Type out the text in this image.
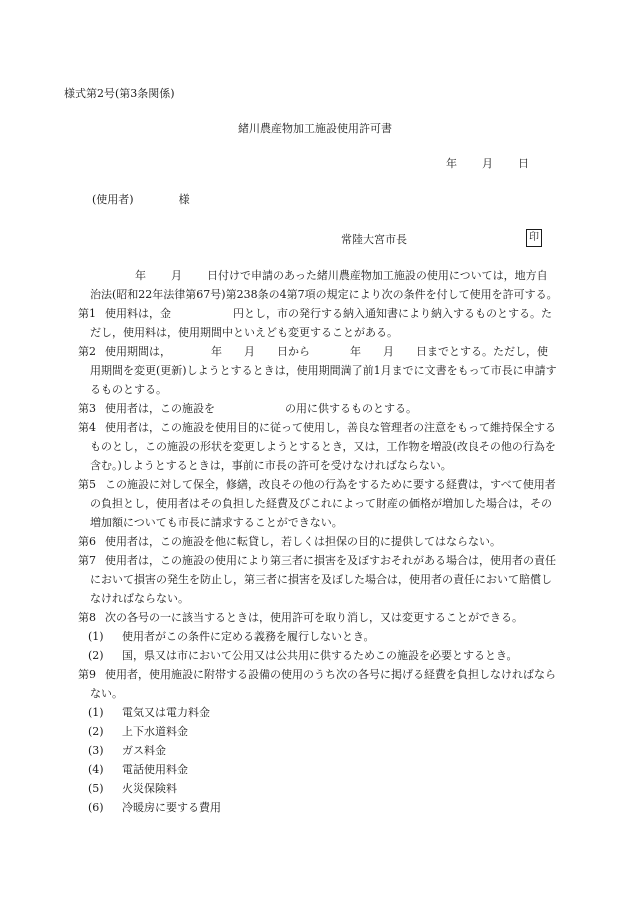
様式第2号(第3条関係)
緒川農産物加工施設使用許可書
年 月 日
(使用者)	様
常陸大宮市長	印

年 月 日付けで申請のあった緒川農産物加工施設の使用については，地方自治法(昭和22年法律第67号)第238条の4第7項の規定により次の条件を付して使用を許可する。

第1 使用料は，金	円とし，市の発行する納入通知書により納入するものとする。ただし，使用料は，使用期間中といえども変更することがある。

第2 使用期間は，	年 月 日から	年 月 日までとする。ただし，使用期間を変更(更新)しようとするときは，使用期間満了前1月までに文書をもって市長に申請するものとする。

第3 使用者は，この施設を	の用に供するものとする。

第4 使用者は，この施設を使用目的に従って使用し，善良な管理者の注意をもって維持保全するものとし，この施設の形状を変更しようとするとき，又は，工作物を増設(改良その他の行為を含む。)しようとするときは，事前に市長の許可を受けなければならない。

第5 この施設に対して保全，修繕，改良その他の行為をするために要する経費は，すべて使用者の負担とし，使用者はその負担した経費及びこれによって財産の価格が増加した場合は，その増加額についても市長に請求することができない。

第6 使用者は，この施設を他に転貸し，若しくは担保の目的に提供してはならない。

第7 使用者は，この施設の使用により第三者に損害を及ぼすおそれがある場合は，使用者の責任において損害の発生を防止し，第三者に損害を及ぼした場合は，使用者の責任において賠償しなければならない。

第8 次の各号の一に該当するときは，使用許可を取り消し，又は変更することができる。

(1) 使用者がこの条件に定める義務を履行しないとき。

(2) 国，県又は市において公用又は公共用に供するためこの施設を必要とするとき。

第9 使用者，使用施設に附帯する設備の使用のうち次の各号に掲げる経費を負担しなければならない。

(1) 電気又は電力料金

(2) 上下水道料金

(3) ガス料金

(4) 電話使用料金

(5) 火災保険料

(6) 冷暖房に要する費用
